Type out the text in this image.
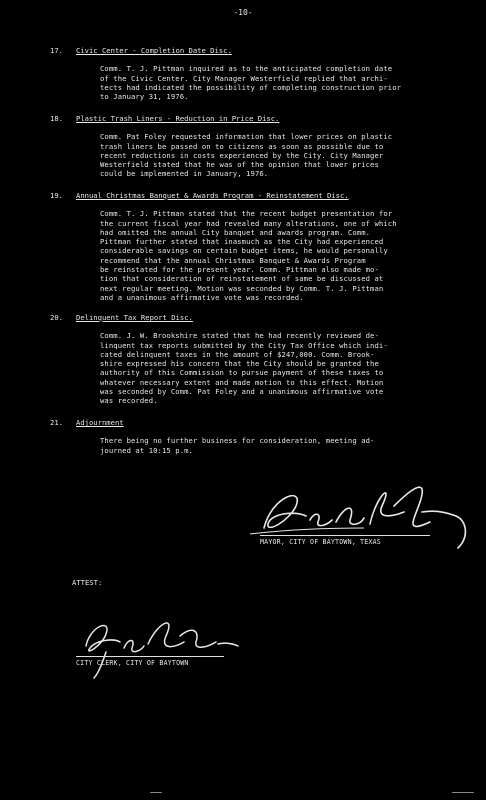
-10-
17.	Civic Center - Completion Date Disc.
Comm. T. J. Pittman inquired as to the anticipated completion date
of the Civic Center. City Manager Westerfield replied that archi-
tects had indicated the possibility of completing construction prior
to January 31, 1976.
18.	Plastic Trash Liners - Reduction in Price Disc.
Comm. Pat Foley requested information that lower prices on plastic
trash liners be passed on to citizens as soon as possible due to
recent reductions in costs experienced by the City. City Manager
Westerfield stated that he was of the opinion that lower prices
could be implemented in January, 1976.
19.	Annual Christmas Banquet & Awards Program - Reinstatement Disc.
Comm. T. J. Pittman stated that the recent budget presentation for
the current fiscal year had revealed many alterations, one of which
had omitted the annual City banquet and awards program. Comm.
Pittman further stated that inasmuch as the City had experienced
considerable savings on certain budget items, he would personally
recommend that the annual Christmas Banquet & Awards Program
be reinstated for the present year. Comm. Pittman also made mo-
tion that consideration of reinstatement of same be discussed at
next regular meeting. Motion was seconded by Comm. T. J. Pittman
and a unanimous affirmative vote was recorded.
20.	Delinquent Tax Report Disc.
Comm. J. W. Brookshire stated that he had recently reviewed de-
linquent tax reports submitted by the City Tax Office which indi-
cated delinquent taxes in the amount of $247,000. Comm. Brook-
shire expressed his concern that the City should be granted the
authority of this Commission to pursue payment of these taxes to
whatever necessary extent and made motion to this effect. Motion
was seconded by Comm. Pat Foley and a unanimous affirmative vote
was recorded.
21.	Adjournment
There being no further business for consideration, meeting ad-
journed at 10:15 p.m.
MAYOR, CITY OF BAYTOWN, TEXAS
ATTEST:
CITY CLERK, CITY OF BAYTOWN
